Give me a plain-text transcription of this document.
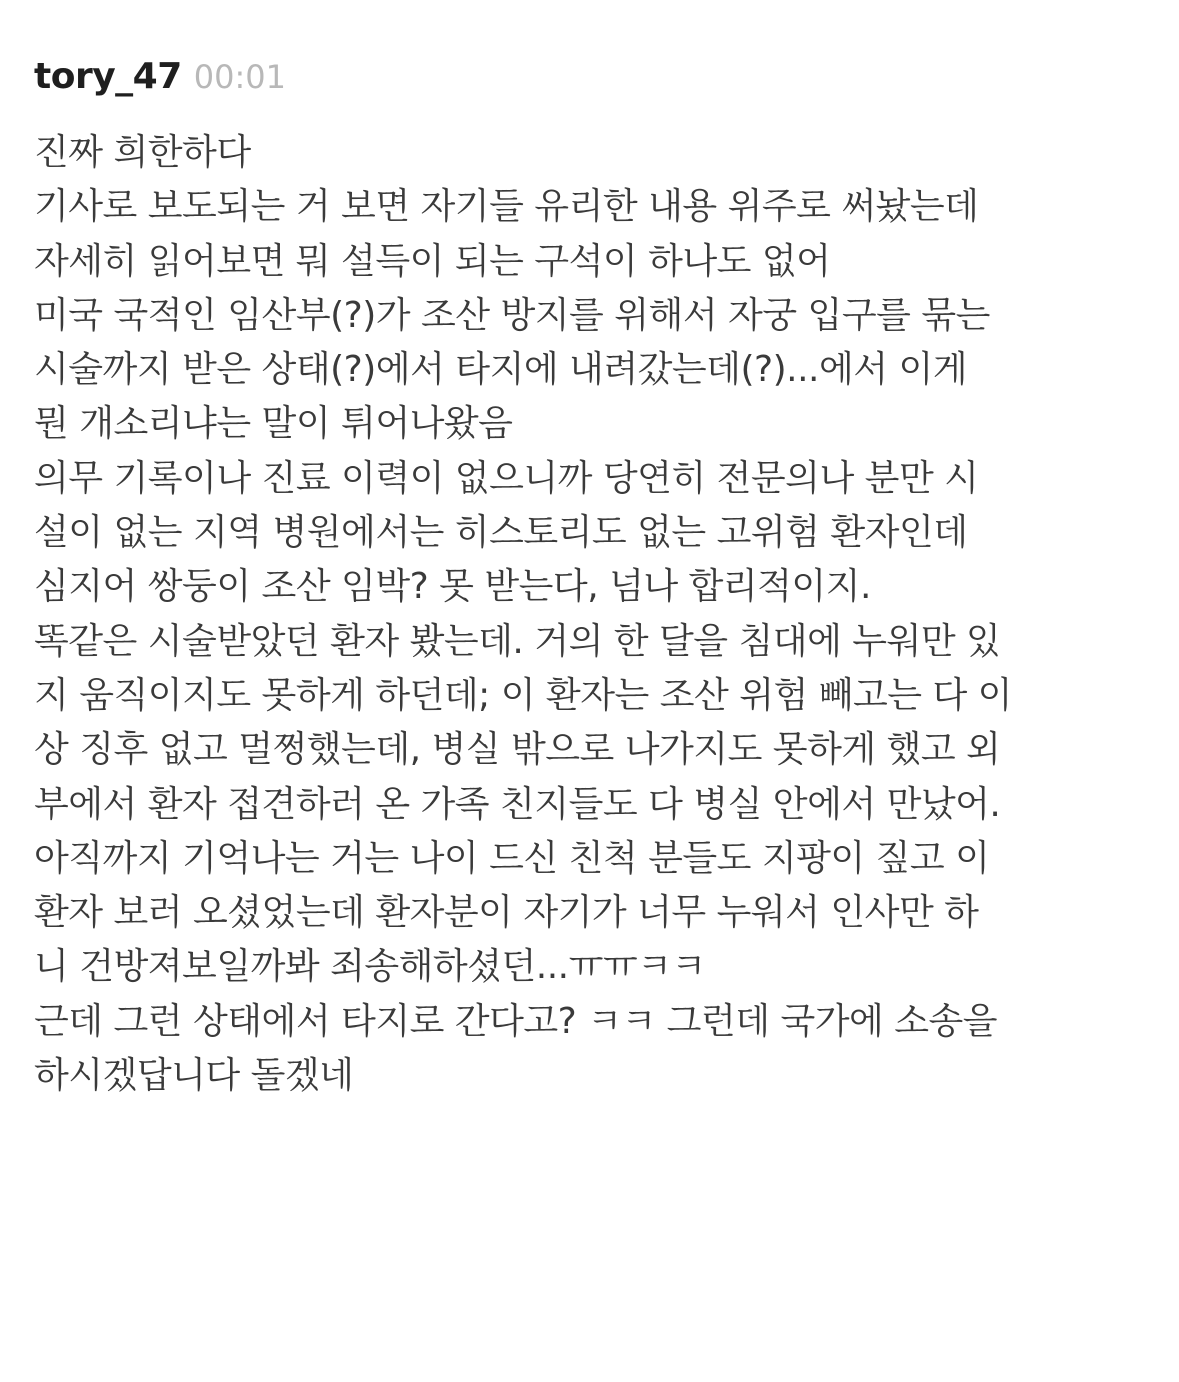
tory_47 00:01
진짜 희한하다
기사로 보도되는 거 보면 자기들 유리한 내용 위주로 써놨는데
자세히 읽어보면 뭐 설득이 되는 구석이 하나도 없어
미국 국적인 임산부(?)가 조산 방지를 위해서 자궁 입구를 묶는
시술까지 받은 상태(?)에서 타지에 내려갔는데(?)...에서 이게
뭔 개소리냐는 말이 튀어나왔음
의무 기록이나 진료 이력이 없으니까 당연히 전문의나 분만 시
설이 없는 지역 병원에서는 히스토리도 없는 고위험 환자인데
심지어 쌍둥이 조산 임박? 못 받는다, 넘나 합리적이지.
똑같은 시술받았던 환자 봤는데. 거의 한 달을 침대에 누워만 있
지 움직이지도 못하게 하던데; 이 환자는 조산 위험 빼고는 다 이
상 징후 없고 멀쩡했는데, 병실 밖으로 나가지도 못하게 했고 외
부에서 환자 접견하러 온 가족 친지들도 다 병실 안에서 만났어.
아직까지 기억나는 거는 나이 드신 친척 분들도 지팡이 짚고 이
환자 보러 오셨었는데 환자분이 자기가 너무 누워서 인사만 하
니 건방져보일까봐 죄송해하셨던...ㅠㅠㅋㅋ
근데 그런 상태에서 타지로 간다고? ㅋㅋ 그런데 국가에 소송을
하시겠답니다 돌겠네
